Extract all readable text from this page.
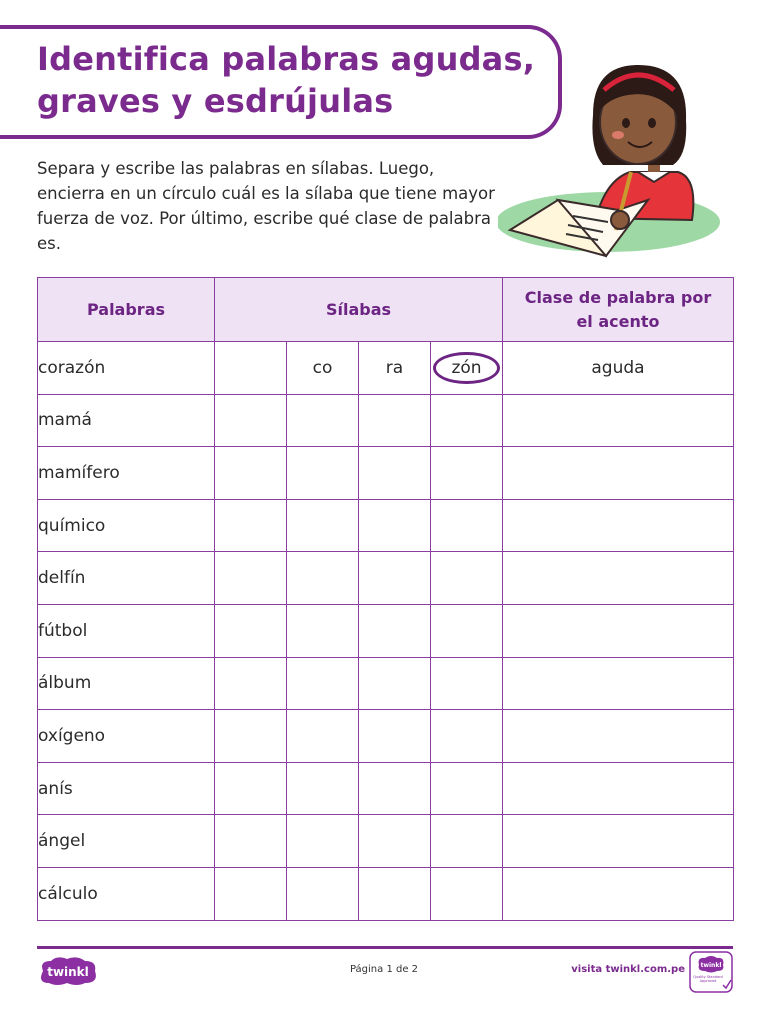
Identifica palabras agudas,
graves y esdrújulas
Separa y escribe las palabras en sílabas. Luego, encierra en un círculo cuál es la sílaba que tiene mayor fuerza de voz. Por último, escribe qué clase de palabra es.
Palabras	Sílabas				Clase de palabra por el acento
corazón		co	ra	zón	aguda
mamá					
mamífero					
químico					
delfín					
fútbol					
álbum					
oxígeno					
anís					
ángel					
cálculo					
twinkl	Página 1 de 2	visita twinkl.com.pe	twinkl
Quality Standard Approved
